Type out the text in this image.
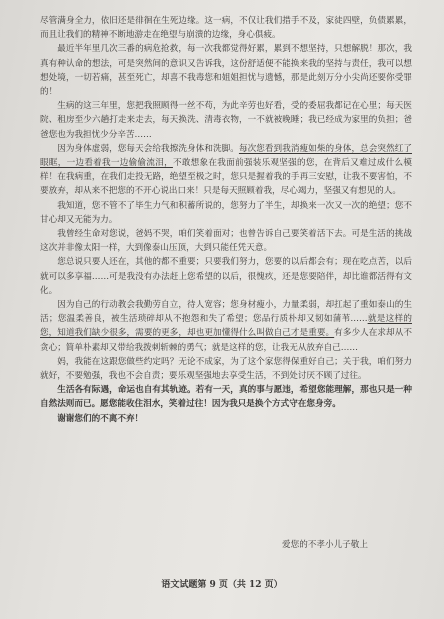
尽管满身全力，依旧还是徘徊在生死边缘。这一病，不仅让我们措手不及，家徒四壁，负债累累，而且让我们的精神不断地游走在绝望与崩溃的边缘，身心俱疲。

最近半年里几次三番的病危抢救，每一次我都觉得好累，累到不想坚持，只想解脱！那次，我真有种认命的想法，可是突然间的意识又告诉我，这份舒适便不能换来我的坚持与责任，我可以想想处境，一切若痛，甚至死亡，却喜不我毒您和姐姐担忧与遗憾，那是此刻万分小尖尚还要你受罪的！

生病的这三年里，您把我照顾得一丝不苟，为此辛劳也好看，受的委屈我都记在心里；每天医院、租房至少六趟打走来走去，每天换洗、清毒衣物，一不就被晚睡；我已经成为家里的负担；爸爸您也为我担忧少分辛苦……

因为身体虚弱，您每天会给我擦洗身体和洗脚。每次您看到我消瘦如柴的身体，总会突然红了眼眶，一边看着我一边偷偷流泪，不敢想象在我面前强装乐观坚强的您，在背后又难过成什么模样！在我病重，在我们走投无路，绝望至极之时，您只是握着我的手再三安慰，让我不要害怕，不要放弃，却从来不把您的不开心说出口来！只是每天照顾着我，尽心竭力，坚强又有想见的人。

我知道，您不管不了毕生力气和积蓄所说的，您努力了半生，却换来一次又一次的绝望；您不甘心却又无能为力。

我曾经生命对您说，爸妈不哭，咱们笑着面对；也曾告诉自己要笑着活下去。可是生活的挑战这次并非像太阳一样，大到像泰山压顶，大到只能任凭天意。

您总说只要人还在，其他的都不重要；只要我们努力，您要的以后都会有；现在吃点苦，以后就可以多享福……可是我没有办法赶上您希望的以后，很愧疚，还是您要陪伴，却比谁都活得有文化。

因为自己的行动教会我勤劳自立，待人宽容；您身材瘦小，力量柔弱，却扛起了重如泰山的生活；您温柔善良，被生活琐碎却从不抱怨和失了希望；您品行质朴却又韧如蒲苇……就是这样的您，知道我们缺少很多，需要的更多，却也更加懂得什么叫做自己才是重要。有多少人在求却从不贪心；简单朴素却又带给我拨刺斩棘的勇气；就是这样的您，让我无从放弃自己……

妈，我能在这跟您做些约定吗？无论不成家，为了这个家您得保重好自己；关于我，咱们努力就好，不要勉强，我也不会自责；要乐观坚强地去享受生活，不到处讨厌不顾了过往。

生活各有际遇，命运也自有其轨迹。若有一天，真的事与愿违，希望您能理解，那也只是一种自然法则而已。愿您能收住泪水，笑着过往！因为我只是换个方式守在您身旁。

谢谢您们的不离不弃！

爱您的不孝小儿子敬上
语文试题第 9 页（共 12 页）
